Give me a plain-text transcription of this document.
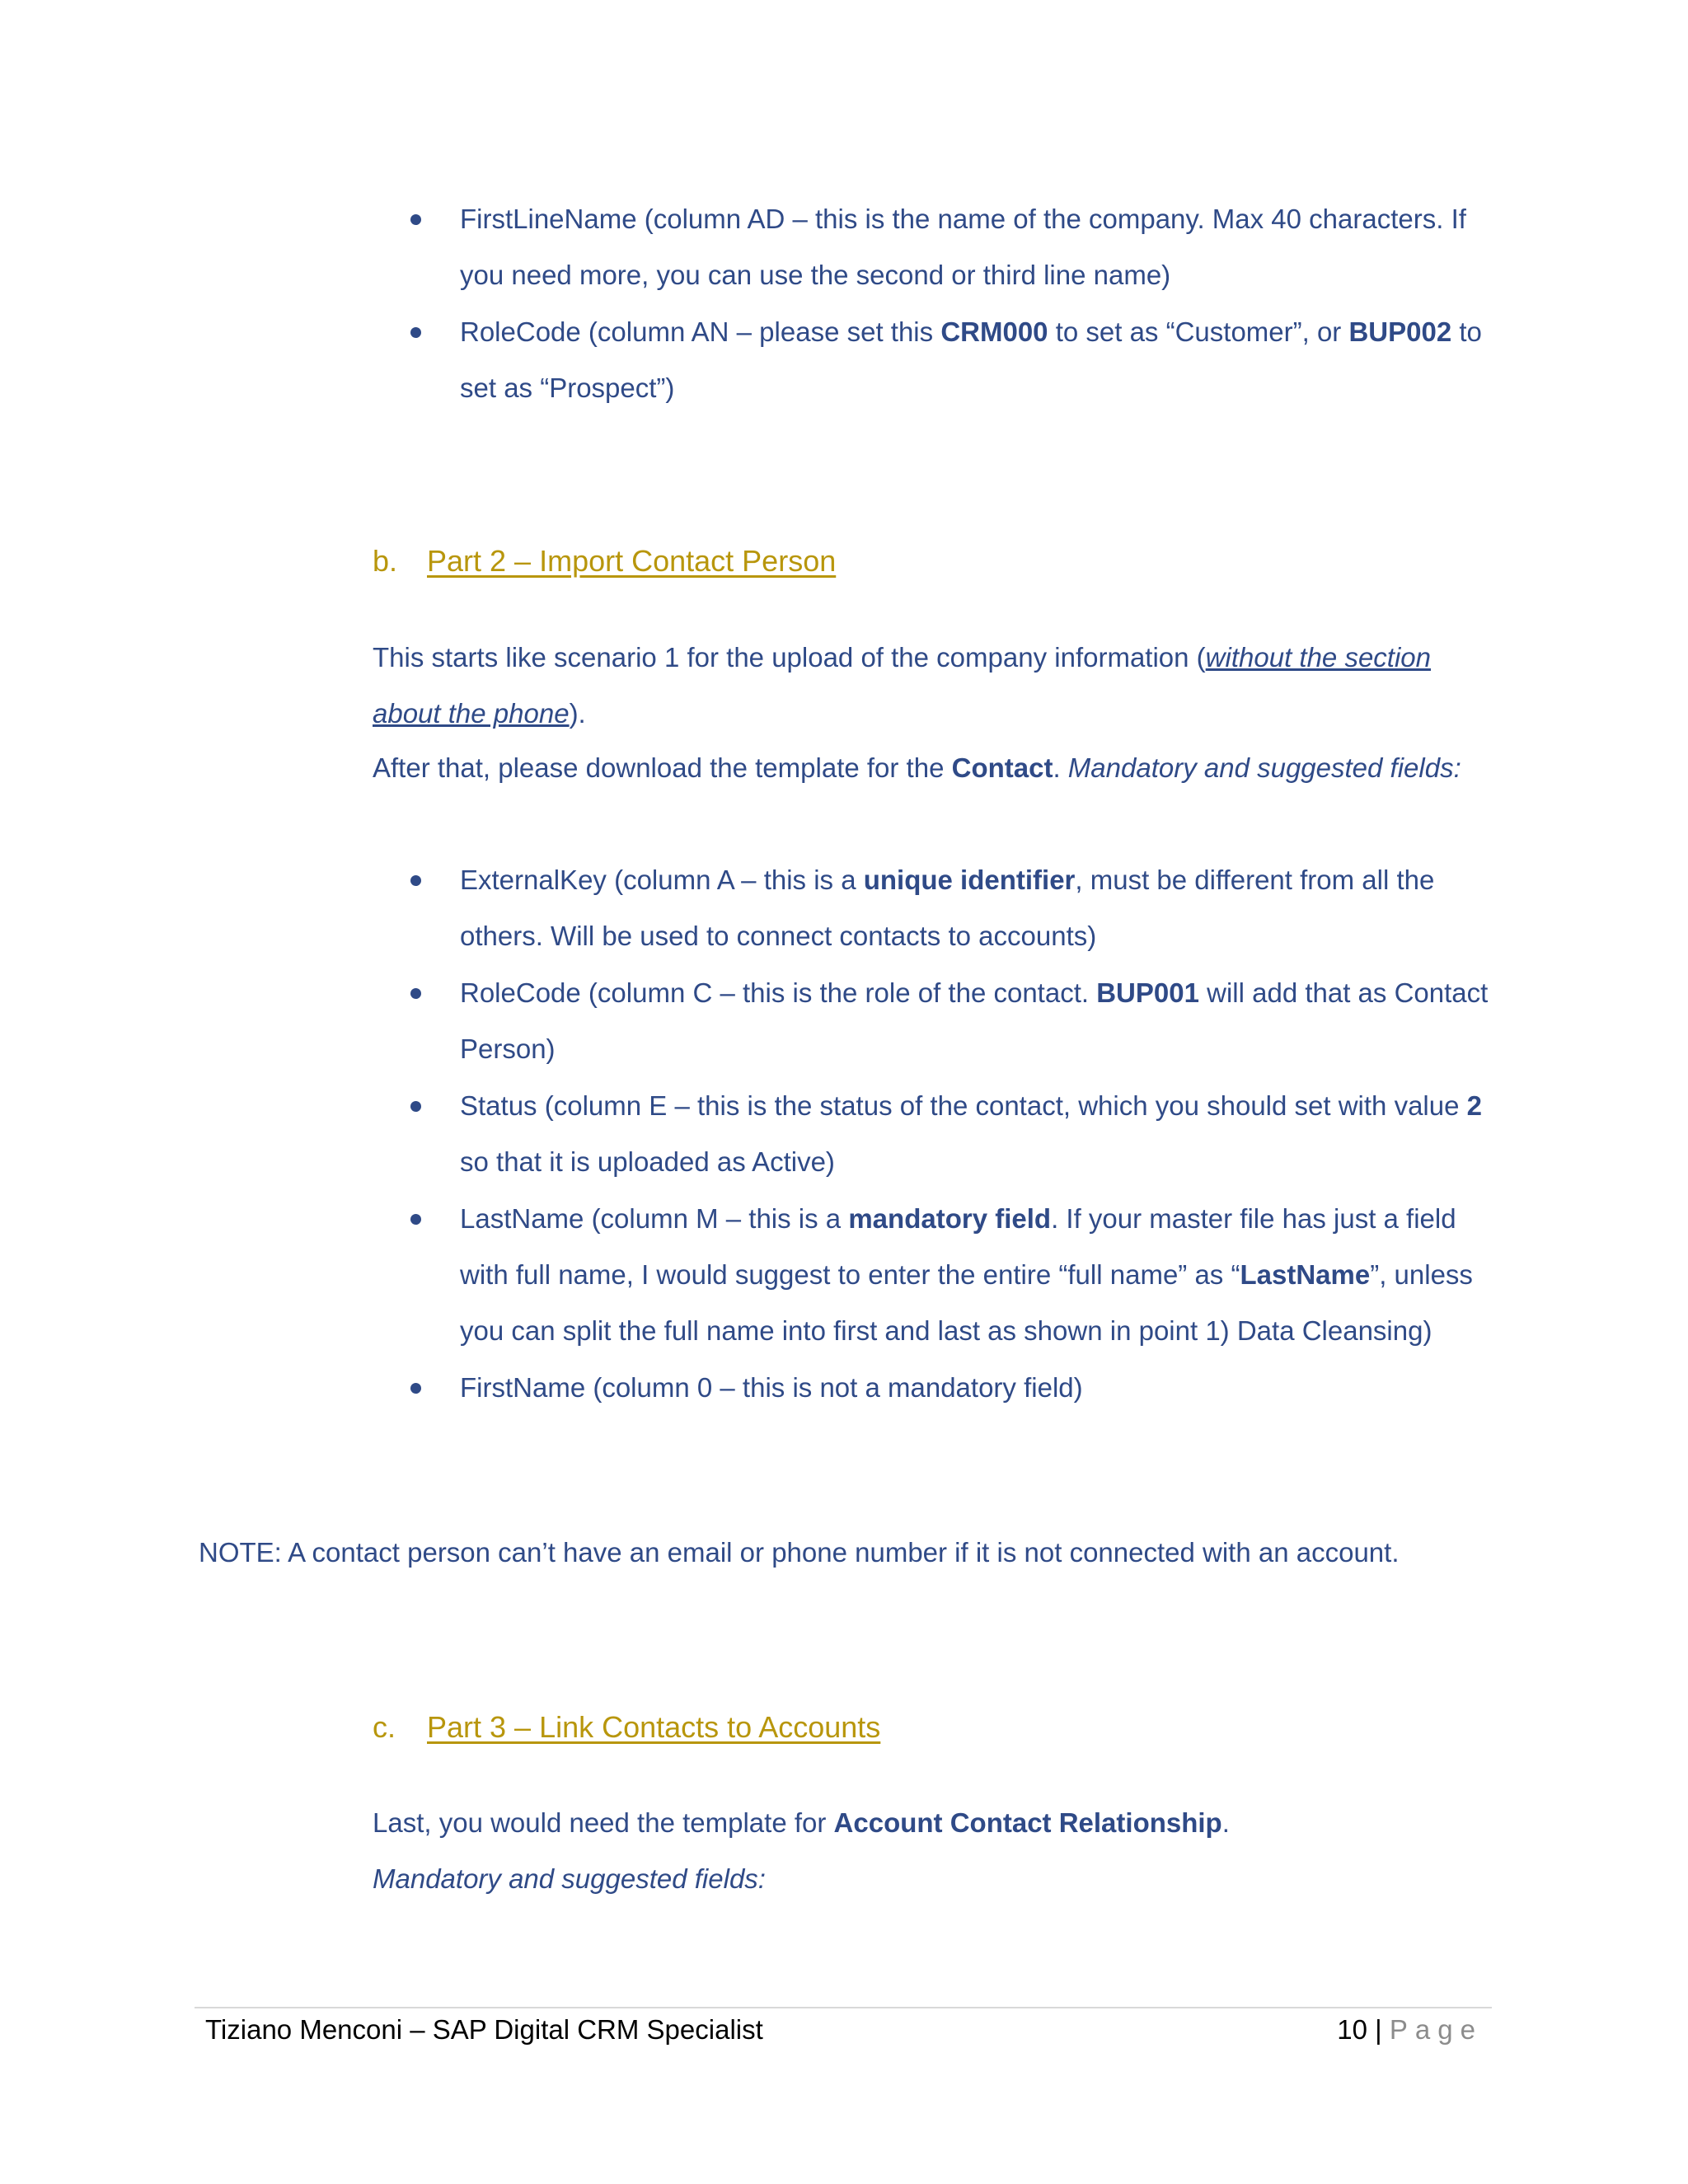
FirstLineName (column AD – this is the name of the company. Max 40 characters. If you need more, you can use the second or third line name)
RoleCode (column AN – please set this CRM000 to set as “Customer”, or BUP002 to set as “Prospect”)
b. Part 2 – Import Contact Person

This starts like scenario 1 for the upload of the company information (without the section about the phone).

After that, please download the template for the Contact. Mandatory and suggested fields:

ExternalKey (column A – this is a unique identifier, must be different from all the others. Will be used to connect contacts to accounts)
RoleCode (column C – this is the role of the contact. BUP001 will add that as Contact Person)
Status (column E – this is the status of the contact, which you should set with value 2 so that it is uploaded as Active)
LastName (column M – this is a mandatory field. If your master file has just a field with full name, I would suggest to enter the entire “full name” as “LastName”, unless you can split the full name into first and last as shown in point 1) Data Cleansing)
FirstName (column 0 – this is not a mandatory field)
NOTE: A contact person can’t have an email or phone number if it is not connected with an account.
c. Part 3 – Link Contacts to Accounts

Last, you would need the template for Account Contact Relationship.

Mandatory and suggested fields:

Tiziano Menconi – SAP Digital CRM Specialist	10 | Page
